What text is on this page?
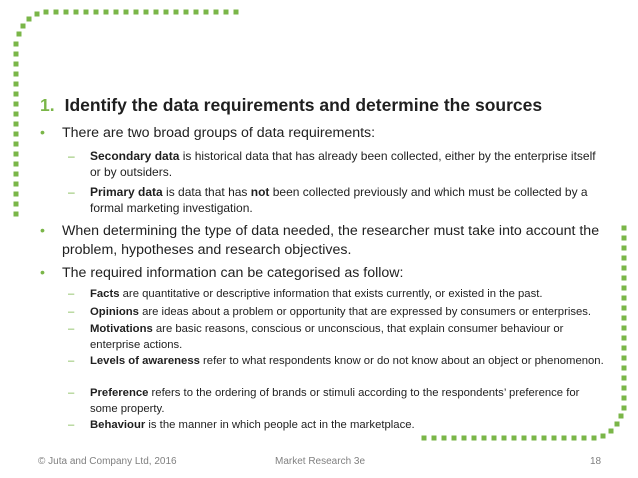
1. Identify the data requirements and determine the sources
• There are two broad groups of data requirements:
– Secondary data is historical data that has already been collected, either by the enterprise itself or by outsiders.
– Primary data is data that has not been collected previously and which must be collected by a formal marketing investigation.
• When determining the type of data needed, the researcher must take into account the problem, hypotheses and research objectives.
• The required information can be categorised as follow:
– Facts are quantitative or descriptive information that exists currently, or existed in the past.
– Opinions are ideas about a problem or opportunity that are expressed by consumers or enterprises.
– Motivations are basic reasons, conscious or unconscious, that explain consumer behaviour or enterprise actions.
– Levels of awareness refer to what respondents know or do not know about an object or phenomenon.
– Preference refers to the ordering of brands or stimuli according to the respondents’ preference for some property.
– Behaviour is the manner in which people act in the marketplace.
© Juta and Company Ltd, 2016	Market Research 3e	18
